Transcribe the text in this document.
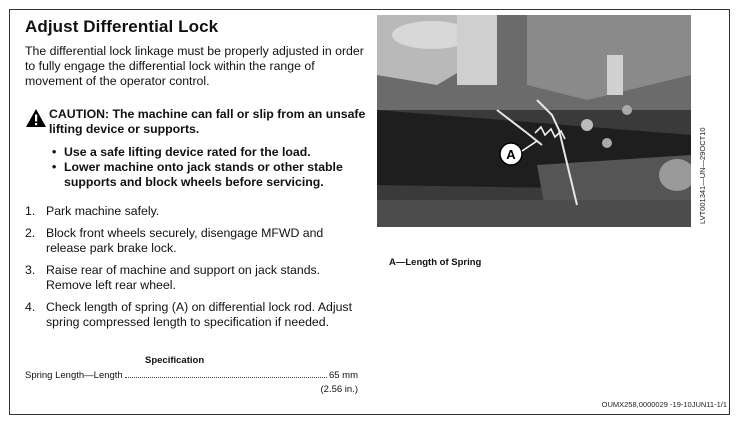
Adjust Differential Lock
The differential lock linkage must be properly adjusted in order to fully engage the differential lock within the range of movement of the operator control.
CAUTION: The machine can fall or slip from an unsafe lifting device or supports.
• Use a safe lifting device rated for the load.
• Lower machine onto jack stands or other stable supports and block wheels before servicing.
1. Park machine safely.
2. Block front wheels securely, disengage MFWD and release park brake lock.
3. Raise rear of machine and support on jack stands. Remove left rear wheel.
4. Check length of spring (A) on differential lock rod. Adjust spring compressed length to specification if needed.
Specification
Spring Length—Length	65 mm
(2.56 in.)
A	LVT001341—UN—29OCT10
A—Length of Spring
OUMX258,0000029 -19-10JUN11-1/1
